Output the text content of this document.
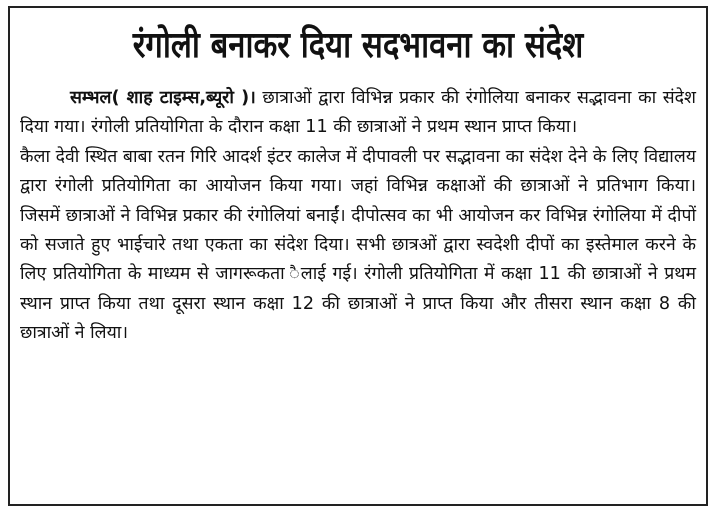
रंगोली बनाकर दिया सदभावना का संदेश

सम्भल( शाह टाइम्स,ब्यूरो )। छात्राओं द्वारा विभिन्न प्रकार की रंगोलिया बनाकर सद्भावना का संदेश दिया गया। रंगोली प्रतियोगिता के दौरान कक्षा 11 की छात्राओं ने प्रथम स्थान प्राप्त किया।

कैला देवी स्थित बाबा रतन गिरि आदर्श इंटर कालेज में दीपावली पर सद्भावना का संदेश देने के लिए विद्यालय द्वारा रंगोली प्रतियोगिता का आयोजन किया गया। जहां विभिन्न कक्षाओं की छात्राओं ने प्रतिभाग किया। जिसमें छात्राओं ने विभिन्न प्रकार की रंगोलियां बनाईं। दीपोत्सव का भी आयोजन कर विभिन्न रंगोलिया में दीपों को सजाते हुए भाईचारे तथा एकता का संदेश दिया। सभी छात्रओं द्वारा स्वदेशी दीपों का इस्तेमाल करने के लिए प्रतियोगिता के माध्यम से जागरूकता ैलाई गई। रंगोली प्रतियोगिता में कक्षा 11 की छात्राओं ने प्रथम स्थान प्राप्त किया तथा दूसरा स्थान कक्षा 12 की छात्राओं ने प्राप्त किया और तीसरा स्थान कक्षा 8 की छात्राओं ने लिया।
